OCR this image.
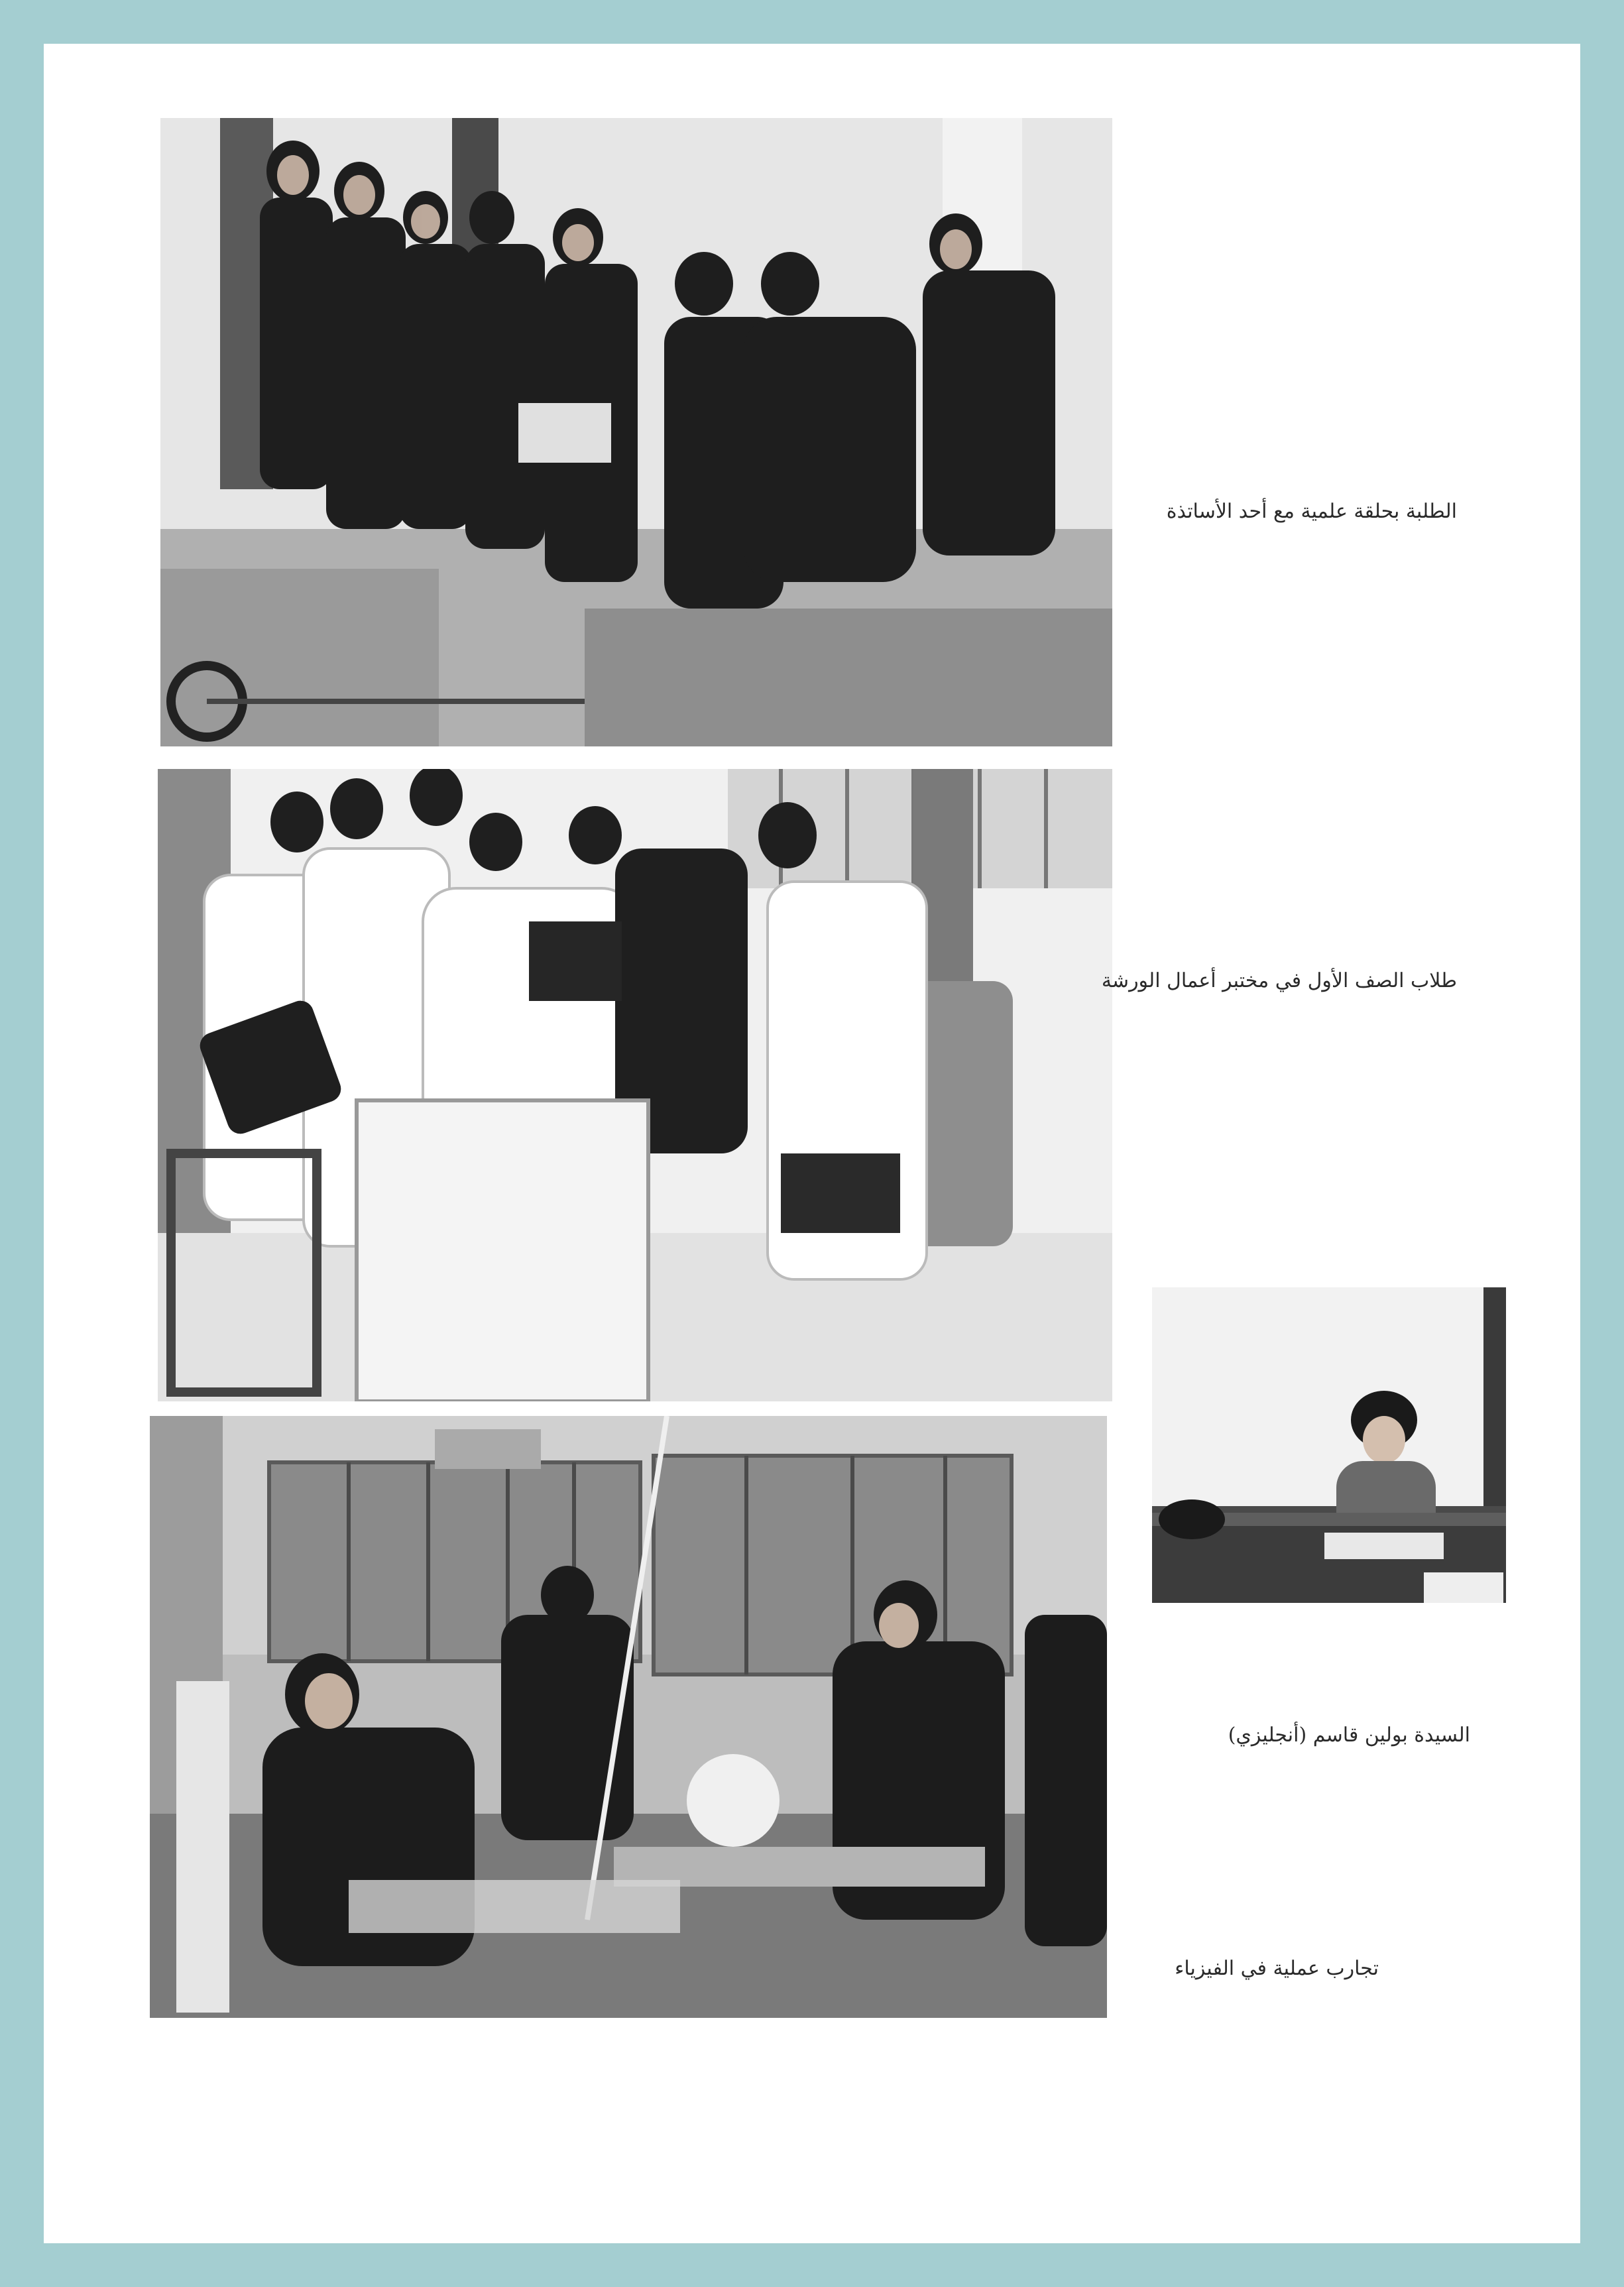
الطلبة بحلقة علمية مع أحد الأساتذة
طلاب الصف الأول في مختبر أعمال الورشة
تجارب عملية في الفيزياء
السيدة بولين قاسم (أنجليزي)
